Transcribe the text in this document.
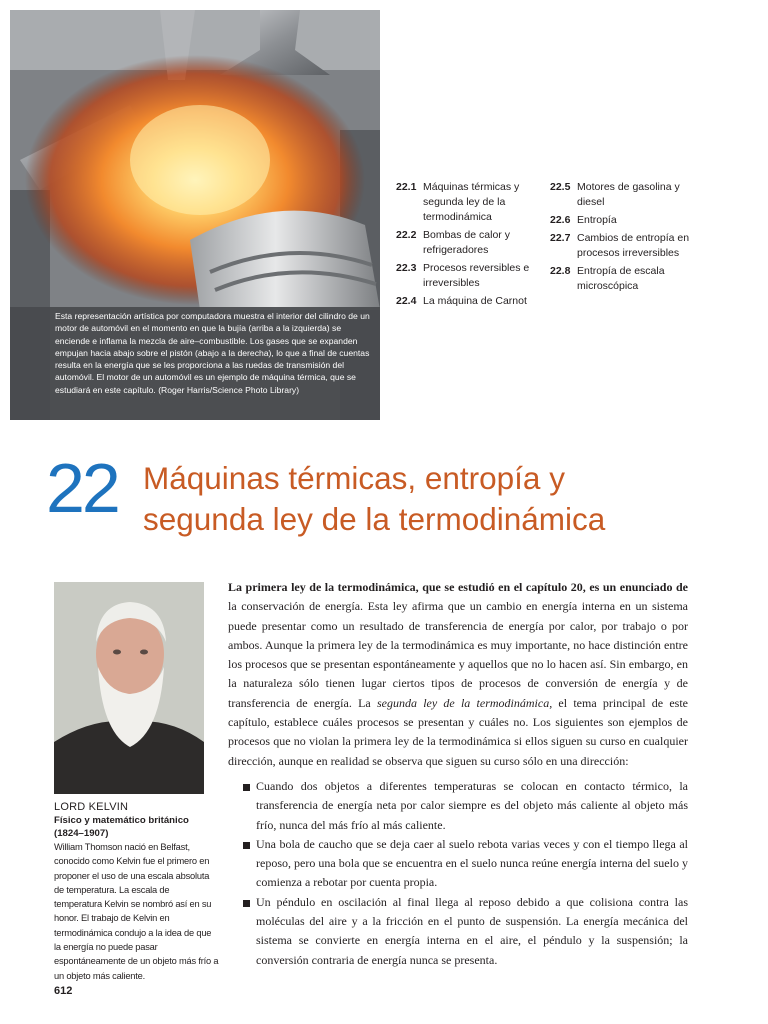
Esta representación artística por computadora muestra el interior del cilindro de un motor de automóvil en el momento en que la bujía (arriba a la izquierda) se enciende e inflama la mezcla de aire–combustible. Los gases que se expanden empujan hacia abajo sobre el pistón (abajo a la derecha), lo que a final de cuentas resulta en la energía que se les proporciona a las ruedas de transmisión del automóvil. El motor de un automóvil es un ejemplo de máquina térmica, que se estudiará en este capítulo. (Roger Harris/Science Photo Library)
22.1 Máquinas térmicas y segunda ley de la termodinámica
22.2 Bombas de calor y refrigeradores
22.3 Procesos reversibles e irreversibles
22.4 La máquina de Carnot
22.5 Motores de gasolina y diesel
22.6 Entropía
22.7 Cambios de entropía en procesos irreversibles
22.8 Entropía de escala microscópica
22 Máquinas térmicas, entropía y
segunda ley de la termodinámica
LORD KELVIN
Físico y matemático británico
(1824–1907)
William Thomson nació en Belfast, conocido como Kelvin fue el primero en proponer el uso de una escala absoluta de temperatura. La escala de temperatura Kelvin se nombró así en su honor. El trabajo de Kelvin en termodinámica condujo a la idea de que la energía no puede pasar espontáneamente de un objeto más frío a un objeto más caliente.
612

La primera ley de la termodinámica, que se estudió en el capítulo 20, es un enunciado de la conservación de energía. Esta ley afirma que un cambio en energía interna en un sistema puede presentar como un resultado de transferencia de energía por calor, por trabajo o por ambos. Aunque la primera ley de la termodinámica es muy importante, no hace distinción entre los procesos que se presentan espontáneamente y aquellos que no lo hacen así. Sin embargo, en la naturaleza sólo tienen lugar ciertos tipos de procesos de conversión de energía y de transferencia de energía. La segunda ley de la termodinámica, el tema principal de este capítulo, establece cuáles procesos se presentan y cuáles no. Los siguientes son ejemplos de procesos que no violan la primera ley de la termodinámica si ellos siguen su curso en cualquier dirección, aunque en realidad se observa que siguen su curso sólo en una dirección:

Cuando dos objetos a diferentes temperaturas se colocan en contacto térmico, la transferencia de energía neta por calor siempre es del objeto más caliente al objeto más frío, nunca del más frío al más caliente.
Una bola de caucho que se deja caer al suelo rebota varias veces y con el tiempo llega al reposo, pero una bola que se encuentra en el suelo nunca reúne energía interna del suelo y comienza a rebotar por cuenta propia.
Un péndulo en oscilación al final llega al reposo debido a que colisiona contra las moléculas del aire y a la fricción en el punto de suspensión. La energía mecánica del sistema se convierte en energía interna en el aire, el péndulo y la suspensión; la conversión contraria de energía nunca se presenta.
